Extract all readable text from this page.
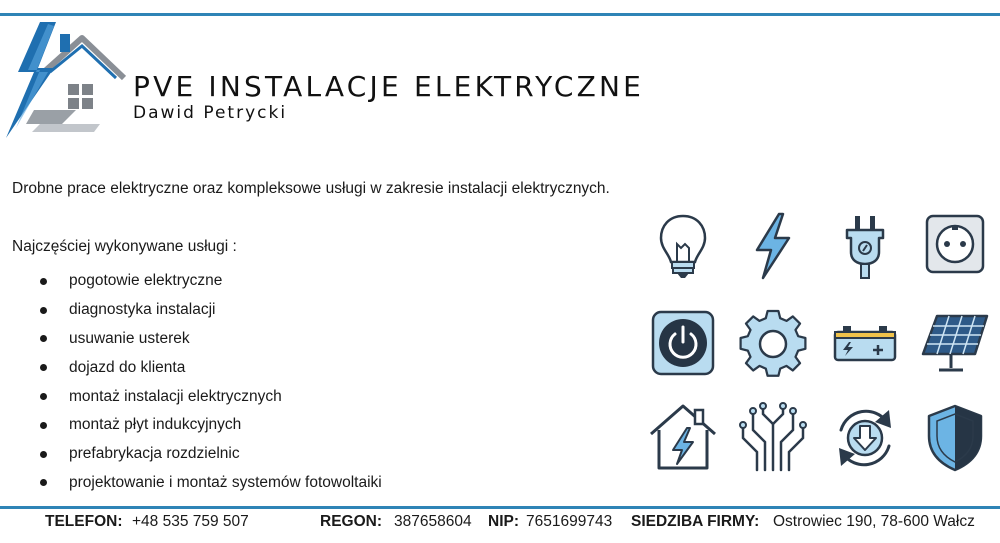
PVE INSTALACJE ELEKTRYCZNE
Dawid Petrycki
Drobne prace elektryczne oraz kompleksowe usługi w zakresie instalacji elektrycznych.
Najczęściej wykonywane usługi :
pogotowie elektryczne
diagnostyka instalacji
usuwanie usterek
dojazd do klienta
montaż instalacji elektrycznych
montaż płyt indukcyjnych
prefabrykacja rozdzielnic
projektowanie i montaż systemów fotowoltaiki
TELEFON: +48 535 759 507	REGON: 387658604 NIP: 7651699743 SIEDZIBA FIRMY: Ostrowiec 190, 78-600 Wałcz
